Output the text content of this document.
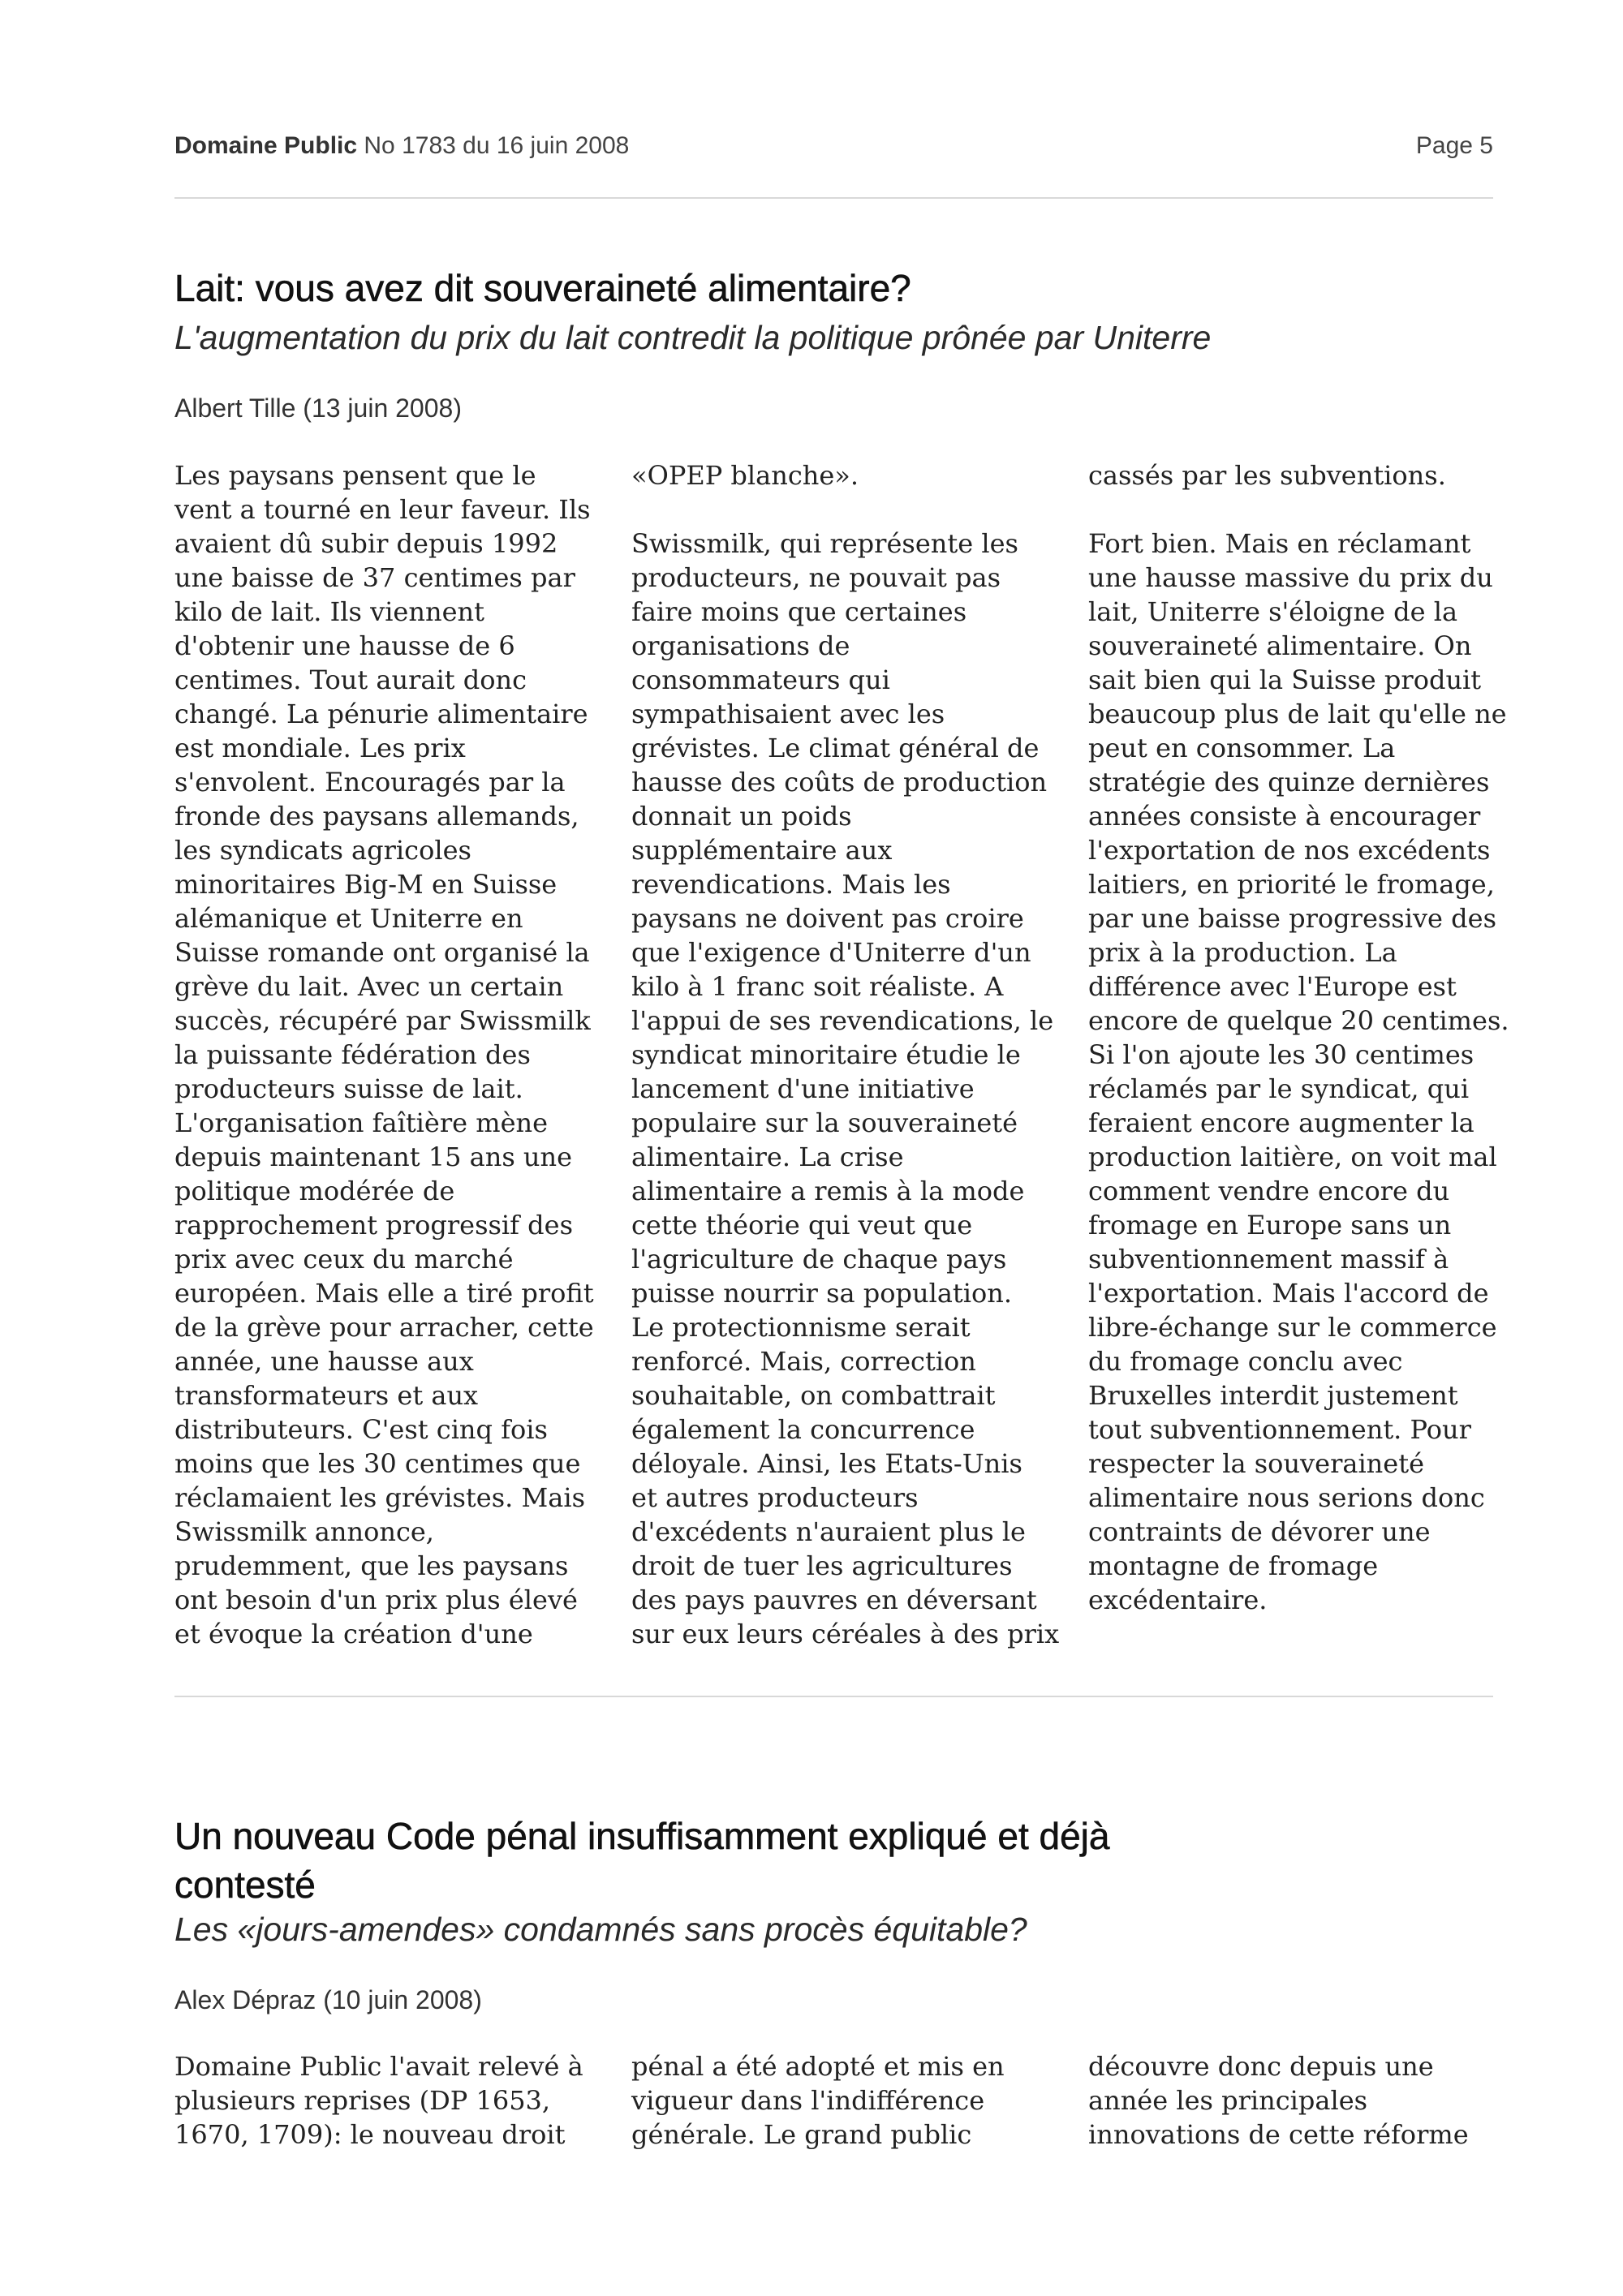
Domaine Public No 1783 du 16 juin 2008	Page 5
Lait: vous avez dit souveraineté alimentaire?
L'augmentation du prix du lait contredit la politique prônée par Uniterre
Albert Tille (13 juin 2008)
Les paysans pensent que le
vent a tourné en leur faveur. Ils
avaient dû subir depuis 1992
une baisse de 37 centimes par
kilo de lait. Ils viennent
d'obtenir une hausse de 6
centimes. Tout aurait donc
changé. La pénurie alimentaire
est mondiale. Les prix
s'envolent. Encouragés par la
fronde des paysans allemands,
les syndicats agricoles
minoritaires Big-M en Suisse
alémanique et Uniterre en
Suisse romande ont organisé la
grève du lait. Avec un certain
succès, récupéré par Swissmilk
la puissante fédération des
producteurs suisse de lait.
L'organisation faîtière mène
depuis maintenant 15 ans une
politique modérée de
rapprochement progressif des
prix avec ceux du marché
européen. Mais elle a tiré profit
de la grève pour arracher, cette
année, une hausse aux
transformateurs et aux
distributeurs. C'est cinq fois
moins que les 30 centimes que
réclamaient les grévistes. Mais
Swissmilk annonce,
prudemment, que les paysans
ont besoin d'un prix plus élevé
et évoque la création d'une
«OPEP blanche».
Swissmilk, qui représente les
producteurs, ne pouvait pas
faire moins que certaines
organisations de
consommateurs qui
sympathisaient avec les
grévistes. Le climat général de
hausse des coûts de production
donnait un poids
supplémentaire aux
revendications. Mais les
paysans ne doivent pas croire
que l'exigence d'Uniterre d'un
kilo à 1 franc soit réaliste. A
l'appui de ses revendications, le
syndicat minoritaire étudie le
lancement d'une initiative
populaire sur la souveraineté
alimentaire. La crise
alimentaire a remis à la mode
cette théorie qui veut que
l'agriculture de chaque pays
puisse nourrir sa population.
Le protectionnisme serait
renforcé. Mais, correction
souhaitable, on combattrait
également la concurrence
déloyale. Ainsi, les Etats-Unis
et autres producteurs
d'excédents n'auraient plus le
droit de tuer les agricultures
des pays pauvres en déversant
sur eux leurs céréales à des prix
cassés par les subventions.
Fort bien. Mais en réclamant
une hausse massive du prix du
lait, Uniterre s'éloigne de la
souveraineté alimentaire. On
sait bien qui la Suisse produit
beaucoup plus de lait qu'elle ne
peut en consommer. La
stratégie des quinze dernières
années consiste à encourager
l'exportation de nos excédents
laitiers, en priorité le fromage,
par une baisse progressive des
prix à la production. La
différence avec l'Europe est
encore de quelque 20 centimes.
Si l'on ajoute les 30 centimes
réclamés par le syndicat, qui
feraient encore augmenter la
production laitière, on voit mal
comment vendre encore du
fromage en Europe sans un
subventionnement massif à
l'exportation. Mais l'accord de
libre-échange sur le commerce
du fromage conclu avec
Bruxelles interdit justement
tout subventionnement. Pour
respecter la souveraineté
alimentaire nous serions donc
contraints de dévorer une
montagne de fromage
excédentaire.
Un nouveau Code pénal insuffisamment expliqué et déjà
contesté
Les «jours-amendes» condamnés sans procès équitable?
Alex Dépraz (10 juin 2008)
Domaine Public l'avait relevé à
plusieurs reprises (DP 1653,
1670, 1709): le nouveau droit
pénal a été adopté et mis en
vigueur dans l'indifférence
générale. Le grand public
découvre donc depuis une
année les principales
innovations de cette réforme
